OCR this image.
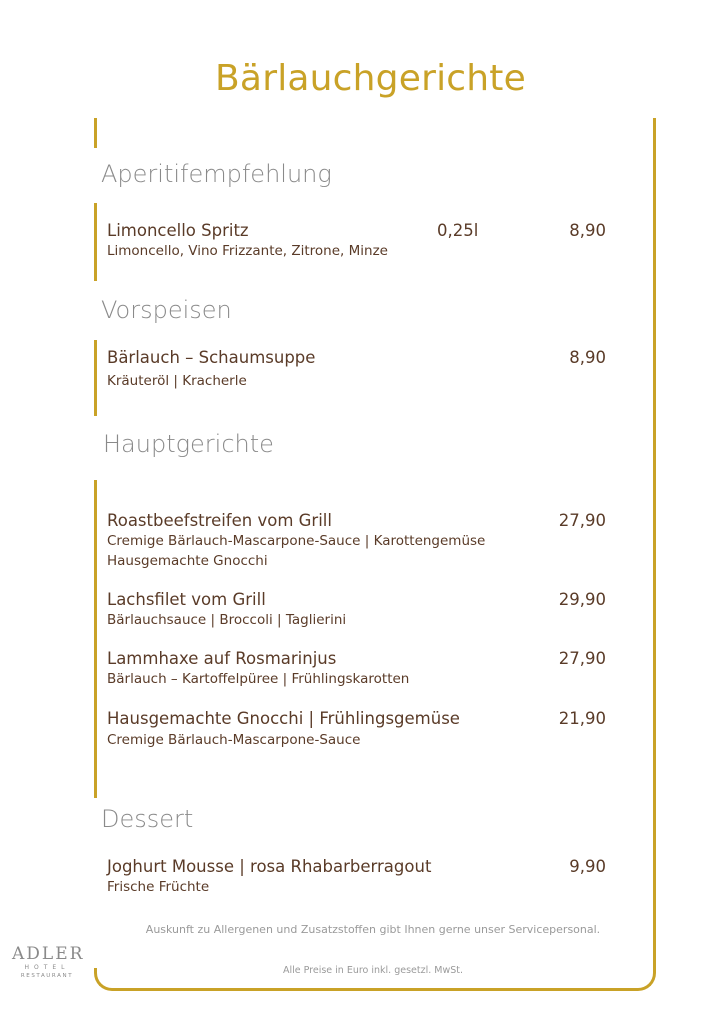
Bärlauchgerichte
Aperitifempfehlung
Limoncello Spritz	0,25l	8,90
Limoncello, Vino Frizzante, Zitrone, Minze
Vorspeisen
Bärlauch – Schaumsuppe	8,90
Kräuteröl | Kracherle
Hauptgerichte
Roastbeefstreifen vom Grill	27,90
Cremige Bärlauch-Mascarpone-Sauce | Karottengemüse
Hausgemachte Gnocchi
Lachsfilet vom Grill	29,90
Bärlauchsauce | Broccoli | Taglierini
Lammhaxe auf Rosmarinjus	27,90
Bärlauch – Kartoffelpüree | Frühlingskarotten
Hausgemachte Gnocchi | Frühlingsgemüse	21,90
Cremige Bärlauch-Mascarpone-Sauce
Dessert
Joghurt Mousse | rosa Rhabarberragout	9,90
Frische Früchte
Auskunft zu Allergenen und Zusatzstoffen gibt Ihnen gerne unser Servicepersonal.
Alle Preise in Euro inkl. gesetzl. MwSt.
ADLER
HOTEL
RESTAURANT
